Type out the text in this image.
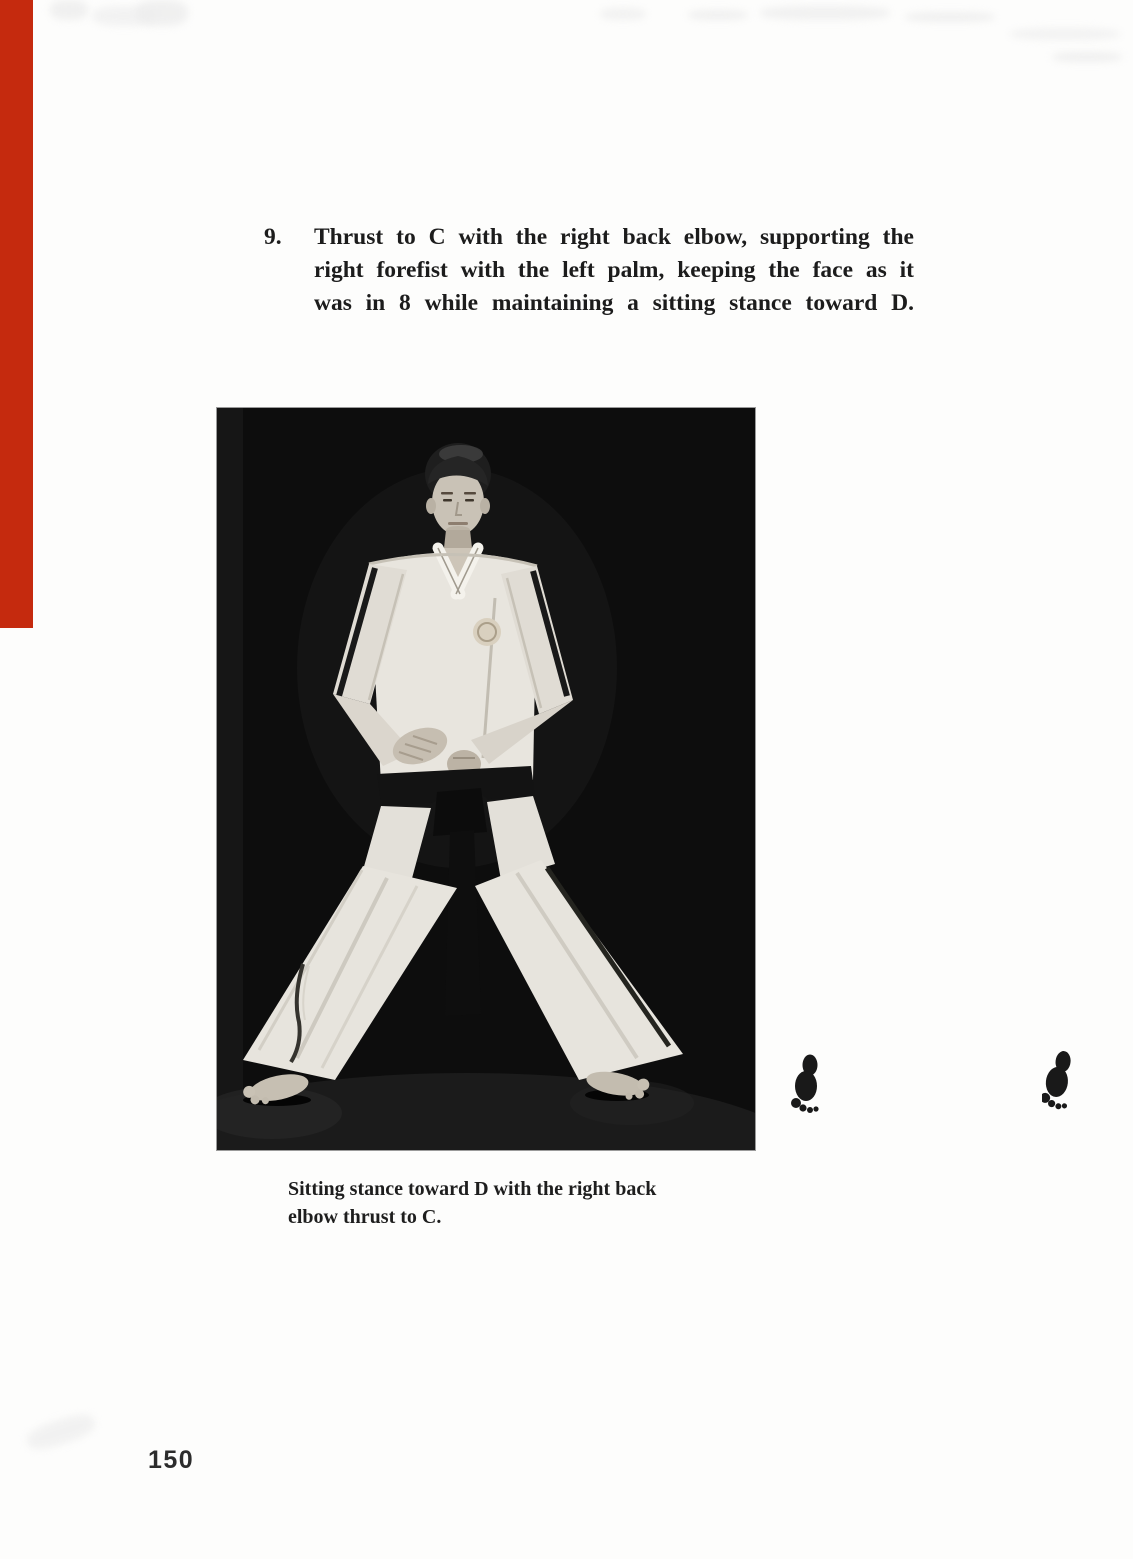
9. Thrust to C with the right back elbow, supporting the
right forefist with the left palm, keeping the face as it
was in 8 while maintaining a sitting stance toward D.
Sitting stance toward D with the right back
elbow thrust to C.
150
